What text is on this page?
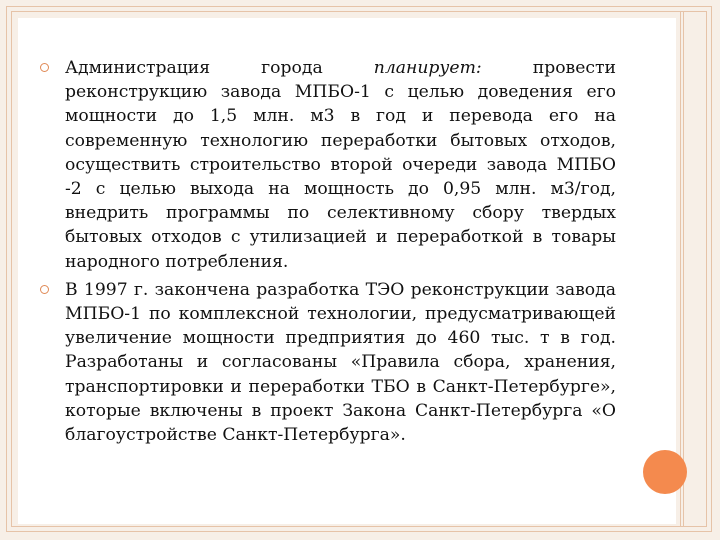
Администрация города планирует: провести реконструкцию завода МПБО-1 с целью доведения его мощности до 1,5 млн. м3 в год и перевода его на современную технологию переработки бытовых отходов, осуществить строительство второй очереди завода МПБО -2 с целью выхода на мощность до 0,95 млн. м3/год, внедрить программы по селективному сбору твердых бытовых отходов с утилизацией и переработкой в товары народного потребления.

В 1997 г. закончена разработка ТЭО реконструкции завода МПБО-1 по комплексной технологии, предусматривающей увеличение мощности предприятия до 460 тыс. т в год. Разработаны и согласованы «Правила сбора, хранения, транспортировки и переработки ТБО в Санкт-Петербурге», которые включены в проект Закона Санкт-Петербурга «О благоустройстве Санкт-Петербурга».
